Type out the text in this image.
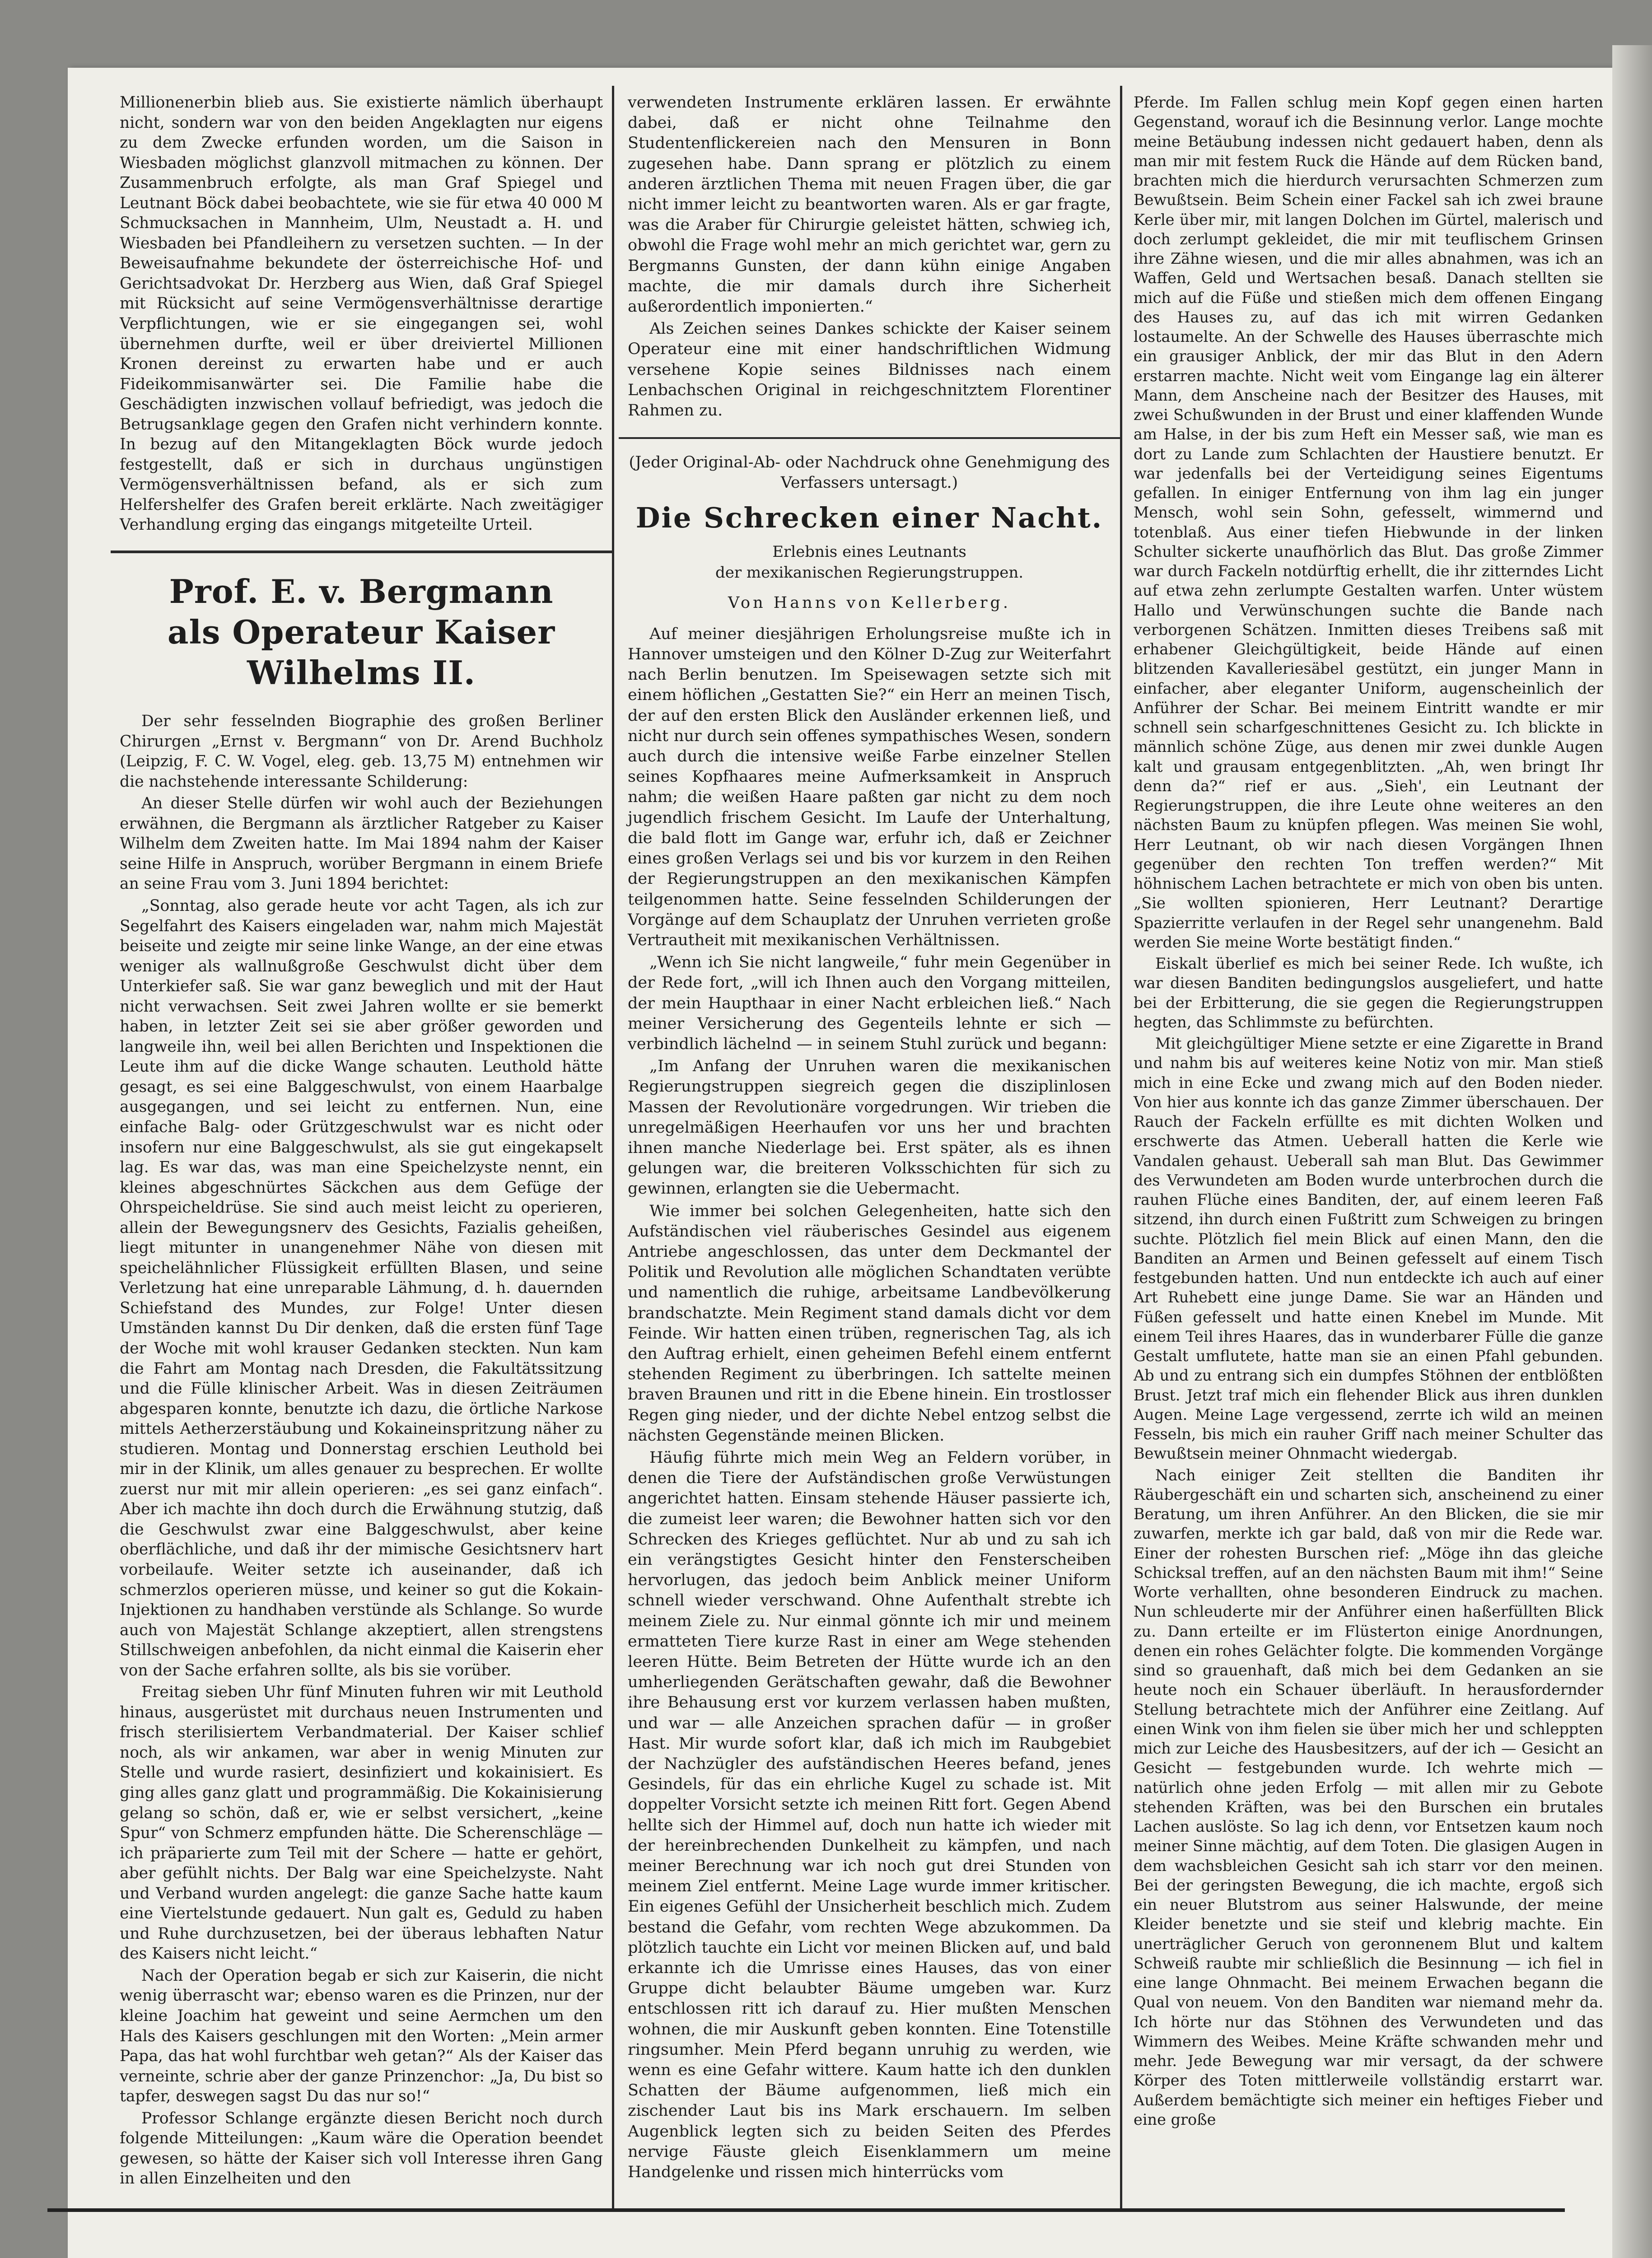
Millionenerbin blieb aus. Sie existierte nämlich überhaupt nicht, sondern war von den beiden Angeklagten nur eigens zu dem Zwecke erfunden worden, um die Saison in Wiesbaden möglichst glanzvoll mitmachen zu können. Der Zusammenbruch erfolgte, als man Graf Spiegel und Leutnant Böck dabei beobachtete, wie sie für etwa 40 000 M Schmucksachen in Mannheim, Ulm, Neustadt a. H. und Wiesbaden bei Pfandleihern zu versetzen suchten. — In der Beweisaufnahme bekundete der österreichische Hof- und Gerichtsadvokat Dr. Herzberg aus Wien, daß Graf Spiegel mit Rücksicht auf seine Vermögensverhältnisse derartige Verpflichtungen, wie er sie eingegangen sei, wohl übernehmen durfte, weil er über dreiviertel Millionen Kronen dereinst zu erwarten habe und er auch Fideikommisanwärter sei. Die Familie habe die Geschädigten inzwischen vollauf befriedigt, was jedoch die Betrugsanklage gegen den Grafen nicht verhindern konnte. In bezug auf den Mitangeklagten Böck wurde jedoch festgestellt, daß er sich in durchaus ungünstigen Vermögensverhältnissen befand, als er sich zum Helfershelfer des Grafen bereit erklärte. Nach zweitägiger Verhandlung erging das eingangs mitgeteilte Urteil.

Prof. E. v. Bergmann
als Operateur Kaiser Wilhelms II.

Der sehr fesselnden Biographie des großen Berliner Chirurgen „Ernst v. Bergmann“ von Dr. Arend Buchholz (Leipzig, F. C. W. Vogel, eleg. geb. 13,75 M) entnehmen wir die nachstehende interessante Schilderung:

An dieser Stelle dürfen wir wohl auch der Beziehungen erwähnen, die Bergmann als ärztlicher Ratgeber zu Kaiser Wilhelm dem Zweiten hatte. Im Mai 1894 nahm der Kaiser seine Hilfe in Anspruch, worüber Bergmann in einem Briefe an seine Frau vom 3. Juni 1894 berichtet:

„Sonntag, also gerade heute vor acht Tagen, als ich zur Segelfahrt des Kaisers eingeladen war, nahm mich Majestät beiseite und zeigte mir seine linke Wange, an der eine etwas weniger als wallnußgroße Geschwulst dicht über dem Unterkiefer saß. Sie war ganz beweglich und mit der Haut nicht verwachsen. Seit zwei Jahren wollte er sie bemerkt haben, in letzter Zeit sei sie aber größer geworden und langweile ihn, weil bei allen Berichten und Inspektionen die Leute ihm auf die dicke Wange schauten. Leuthold hätte gesagt, es sei eine Balggeschwulst, von einem Haarbalge ausgegangen, und sei leicht zu entfernen. Nun, eine einfache Balg- oder Grützgeschwulst war es nicht oder insofern nur eine Balggeschwulst, als sie gut eingekapselt lag. Es war das, was man eine Speichelzyste nennt, ein kleines abgeschnürtes Säckchen aus dem Gefüge der Ohrspeicheldrüse. Sie sind auch meist leicht zu operieren, allein der Bewegungsnerv des Gesichts, Fazialis geheißen, liegt mitunter in unangenehmer Nähe von diesen mit speichelähnlicher Flüssigkeit erfüllten Blasen, und seine Verletzung hat eine unreparable Lähmung, d. h. dauernden Schiefstand des Mundes, zur Folge! Unter diesen Umständen kannst Du Dir denken, daß die ersten fünf Tage der Woche mit wohl krauser Gedanken steckten. Nun kam die Fahrt am Montag nach Dresden, die Fakultätssitzung und die Fülle klinischer Arbeit. Was in diesen Zeiträumen abgesparen konnte, benutzte ich dazu, die örtliche Narkose mittels Aetherzerstäubung und Kokaineinspritzung näher zu studieren. Montag und Donnerstag erschien Leuthold bei mir in der Klinik, um alles genauer zu besprechen. Er wollte zuerst nur mit mir allein operieren: „es sei ganz einfach“. Aber ich machte ihn doch durch die Erwähnung stutzig, daß die Geschwulst zwar eine Balggeschwulst, aber keine oberflächliche, und daß ihr der mimische Gesichtsnerv hart vorbeilaufe. Weiter setzte ich auseinander, daß ich schmerzlos operieren müsse, und keiner so gut die Kokain-Injektionen zu handhaben verstünde als Schlange. So wurde auch von Majestät Schlange akzeptiert, allen strengstens Stillschweigen anbefohlen, da nicht einmal die Kaiserin eher von der Sache erfahren sollte, als bis sie vorüber.

Freitag sieben Uhr fünf Minuten fuhren wir mit Leuthold hinaus, ausgerüstet mit durchaus neuen Instrumenten und frisch sterilisiertem Verbandmaterial. Der Kaiser schlief noch, als wir ankamen, war aber in wenig Minuten zur Stelle und wurde rasiert, desinfiziert und kokainisiert. Es ging alles ganz glatt und programmäßig. Die Kokainisierung gelang so schön, daß er, wie er selbst versichert, „keine Spur“ von Schmerz empfunden hätte. Die Scherenschläge — ich präparierte zum Teil mit der Schere — hatte er gehört, aber gefühlt nichts. Der Balg war eine Speichelzyste. Naht und Verband wurden angelegt: die ganze Sache hatte kaum eine Viertelstunde gedauert. Nun galt es, Geduld zu haben und Ruhe durchzusetzen, bei der überaus lebhaften Natur des Kaisers nicht leicht.“

Nach der Operation begab er sich zur Kaiserin, die nicht wenig überrascht war; ebenso waren es die Prinzen, nur der kleine Joachim hat geweint und seine Aermchen um den Hals des Kaisers geschlungen mit den Worten: „Mein armer Papa, das hat wohl furchtbar weh getan?“ Als der Kaiser das verneinte, schrie aber der ganze Prinzenchor: „Ja, Du bist so tapfer, deswegen sagst Du das nur so!“

Professor Schlange ergänzte diesen Bericht noch durch folgende Mitteilungen: „Kaum wäre die Operation beendet gewesen, so hätte der Kaiser sich voll Interesse ihren Gang in allen Einzelheiten und den

verwendeten Instrumente erklären lassen. Er erwähnte dabei, daß er nicht ohne Teilnahme den Studentenflickereien nach den Mensuren in Bonn zugesehen habe. Dann sprang er plötzlich zu einem anderen ärztlichen Thema mit neuen Fragen über, die gar nicht immer leicht zu beantworten waren. Als er gar fragte, was die Araber für Chirurgie geleistet hätten, schwieg ich, obwohl die Frage wohl mehr an mich gerichtet war, gern zu Bergmanns Gunsten, der dann kühn einige Angaben machte, die mir damals durch ihre Sicherheit außerordentlich imponierten.“

Als Zeichen seines Dankes schickte der Kaiser seinem Operateur eine mit einer handschriftlichen Widmung versehene Kopie seines Bildnisses nach einem Lenbachschen Original in reichgeschnitztem Florentiner Rahmen zu.

(Jeder Original-Ab- oder Nachdruck ohne Genehmigung des Verfassers untersagt.)

Die Schrecken einer Nacht.
Erlebnis eines Leutnants
der mexikanischen Regierungstruppen.
Von Hanns von Kellerberg.

Auf meiner diesjährigen Erholungsreise mußte ich in Hannover umsteigen und den Kölner D-Zug zur Weiterfahrt nach Berlin benutzen. Im Speisewagen setzte sich mit einem höflichen „Gestatten Sie?“ ein Herr an meinen Tisch, der auf den ersten Blick den Ausländer erkennen ließ, und nicht nur durch sein offenes sympathisches Wesen, sondern auch durch die intensive weiße Farbe einzelner Stellen seines Kopfhaares meine Aufmerksamkeit in Anspruch nahm; die weißen Haare paßten gar nicht zu dem noch jugendlich frischem Gesicht. Im Laufe der Unterhaltung, die bald flott im Gange war, erfuhr ich, daß er Zeichner eines großen Verlags sei und bis vor kurzem in den Reihen der Regierungstruppen an den mexikanischen Kämpfen teilgenommen hatte. Seine fesselnden Schilderungen der Vorgänge auf dem Schauplatz der Unruhen verrieten große Vertrautheit mit mexikanischen Verhältnissen.

„Wenn ich Sie nicht langweile,“ fuhr mein Gegenüber in der Rede fort, „will ich Ihnen auch den Vorgang mitteilen, der mein Haupthaar in einer Nacht erbleichen ließ.“ Nach meiner Versicherung des Gegenteils lehnte er sich — verbindlich lächelnd — in seinem Stuhl zurück und begann:

„Im Anfang der Unruhen waren die mexikanischen Regierungstruppen siegreich gegen die disziplinlosen Massen der Revolutionäre vorgedrungen. Wir trieben die unregelmäßigen Heerhaufen vor uns her und brachten ihnen manche Niederlage bei. Erst später, als es ihnen gelungen war, die breiteren Volksschichten für sich zu gewinnen, erlangten sie die Uebermacht.

Wie immer bei solchen Gelegenheiten, hatte sich den Aufständischen viel räuberisches Gesindel aus eigenem Antriebe angeschlossen, das unter dem Deckmantel der Politik und Revolution alle möglichen Schandtaten verübte und namentlich die ruhige, arbeitsame Landbevölkerung brandschatzte. Mein Regiment stand damals dicht vor dem Feinde. Wir hatten einen trüben, regnerischen Tag, als ich den Auftrag erhielt, einen geheimen Befehl einem entfernt stehenden Regiment zu überbringen. Ich sattelte meinen braven Braunen und ritt in die Ebene hinein. Ein trostlosser Regen ging nieder, und der dichte Nebel entzog selbst die nächsten Gegenstände meinen Blicken.

Häufig führte mich mein Weg an Feldern vorüber, in denen die Tiere der Aufständischen große Verwüstungen angerichtet hatten. Einsam stehende Häuser passierte ich, die zumeist leer waren; die Bewohner hatten sich vor den Schrecken des Krieges geflüchtet. Nur ab und zu sah ich ein verängstigtes Gesicht hinter den Fensterscheiben hervorlugen, das jedoch beim Anblick meiner Uniform schnell wieder verschwand. Ohne Aufenthalt strebte ich meinem Ziele zu. Nur einmal gönnte ich mir und meinem ermatteten Tiere kurze Rast in einer am Wege stehenden leeren Hütte. Beim Betreten der Hütte wurde ich an den umherliegenden Gerätschaften gewahr, daß die Bewohner ihre Behausung erst vor kurzem verlassen haben mußten, und war — alle Anzeichen sprachen dafür — in großer Hast. Mir wurde sofort klar, daß ich mich im Raubgebiet der Nachzügler des aufständischen Heeres befand, jenes Gesindels, für das ein ehrliche Kugel zu schade ist. Mit doppelter Vorsicht setzte ich meinen Ritt fort. Gegen Abend hellte sich der Himmel auf, doch nun hatte ich wieder mit der hereinbrechenden Dunkelheit zu kämpfen, und nach meiner Berechnung war ich noch gut drei Stunden von meinem Ziel entfernt. Meine Lage wurde immer kritischer. Ein eigenes Gefühl der Unsicherheit beschlich mich. Zudem bestand die Gefahr, vom rechten Wege abzukommen. Da plötzlich tauchte ein Licht vor meinen Blicken auf, und bald erkannte ich die Umrisse eines Hauses, das von einer Gruppe dicht belaubter Bäume umgeben war. Kurz entschlossen ritt ich darauf zu. Hier mußten Menschen wohnen, die mir Auskunft geben konnten. Eine Totenstille ringsumher. Mein Pferd begann unruhig zu werden, wie wenn es eine Gefahr wittere. Kaum hatte ich den dunklen Schatten der Bäume aufgenommen, ließ mich ein zischender Laut bis ins Mark erschauern. Im selben Augenblick legten sich zu beiden Seiten des Pferdes nervige Fäuste gleich Eisenklammern um meine Handgelenke und rissen mich hinterrücks vom

Pferde. Im Fallen schlug mein Kopf gegen einen harten Gegenstand, worauf ich die Besinnung verlor. Lange mochte meine Betäubung indessen nicht gedauert haben, denn als man mir mit festem Ruck die Hände auf dem Rücken band, brachten mich die hierdurch verursachten Schmerzen zum Bewußtsein. Beim Schein einer Fackel sah ich zwei braune Kerle über mir, mit langen Dolchen im Gürtel, malerisch und doch zerlumpt gekleidet, die mir mit teuflischem Grinsen ihre Zähne wiesen, und die mir alles abnahmen, was ich an Waffen, Geld und Wertsachen besaß. Danach stellten sie mich auf die Füße und stießen mich dem offenen Eingang des Hauses zu, auf das ich mit wirren Gedanken lostaumelte. An der Schwelle des Hauses überraschte mich ein grausiger Anblick, der mir das Blut in den Adern erstarren machte. Nicht weit vom Eingange lag ein älterer Mann, dem Anscheine nach der Besitzer des Hauses, mit zwei Schußwunden in der Brust und einer klaffenden Wunde am Halse, in der bis zum Heft ein Messer saß, wie man es dort zu Lande zum Schlachten der Haustiere benutzt. Er war jedenfalls bei der Verteidigung seines Eigentums gefallen. In einiger Entfernung von ihm lag ein junger Mensch, wohl sein Sohn, gefesselt, wimmernd und totenblaß. Aus einer tiefen Hiebwunde in der linken Schulter sickerte unaufhörlich das Blut. Das große Zimmer war durch Fackeln notdürftig erhellt, die ihr zitterndes Licht auf etwa zehn zerlumpte Gestalten warfen. Unter wüstem Hallo und Verwünschungen suchte die Bande nach verborgenen Schätzen. Inmitten dieses Treibens saß mit erhabener Gleichgültigkeit, beide Hände auf einen blitzenden Kavalleriesäbel gestützt, ein junger Mann in einfacher, aber eleganter Uniform, augenscheinlich der Anführer der Schar. Bei meinem Eintritt wandte er mir schnell sein scharfgeschnittenes Gesicht zu. Ich blickte in männlich schöne Züge, aus denen mir zwei dunkle Augen kalt und grausam entgegenblitzten. „Ah, wen bringt Ihr denn da?“ rief er aus. „Sieh', ein Leutnant der Regierungstruppen, die ihre Leute ohne weiteres an den nächsten Baum zu knüpfen pflegen. Was meinen Sie wohl, Herr Leutnant, ob wir nach diesen Vorgängen Ihnen gegenüber den rechten Ton treffen werden?“ Mit höhnischem Lachen betrachtete er mich von oben bis unten. „Sie wollten spionieren, Herr Leutnant? Derartige Spazierritte verlaufen in der Regel sehr unangenehm. Bald werden Sie meine Worte bestätigt finden.“

Eiskalt überlief es mich bei seiner Rede. Ich wußte, ich war diesen Banditen bedingungslos ausgeliefert, und hatte bei der Erbitterung, die sie gegen die Regierungstruppen hegten, das Schlimmste zu befürchten.

Mit gleichgültiger Miene setzte er eine Zigarette in Brand und nahm bis auf weiteres keine Notiz von mir. Man stieß mich in eine Ecke und zwang mich auf den Boden nieder. Von hier aus konnte ich das ganze Zimmer überschauen. Der Rauch der Fackeln erfüllte es mit dichten Wolken und erschwerte das Atmen. Ueberall hatten die Kerle wie Vandalen gehaust. Ueberall sah man Blut. Das Gewimmer des Verwundeten am Boden wurde unterbrochen durch die rauhen Flüche eines Banditen, der, auf einem leeren Faß sitzend, ihn durch einen Fußtritt zum Schweigen zu bringen suchte. Plötzlich fiel mein Blick auf einen Mann, den die Banditen an Armen und Beinen gefesselt auf einem Tisch festgebunden hatten. Und nun entdeckte ich auch auf einer Art Ruhebett eine junge Dame. Sie war an Händen und Füßen gefesselt und hatte einen Knebel im Munde. Mit einem Teil ihres Haares, das in wunderbarer Fülle die ganze Gestalt umflutete, hatte man sie an einen Pfahl gebunden. Ab und zu entrang sich ein dumpfes Stöhnen der entblößten Brust. Jetzt traf mich ein flehender Blick aus ihren dunklen Augen. Meine Lage vergessend, zerrte ich wild an meinen Fesseln, bis mich ein rauher Griff nach meiner Schulter das Bewußtsein meiner Ohnmacht wiedergab.

Nach einiger Zeit stellten die Banditen ihr Räubergeschäft ein und scharten sich, anscheinend zu einer Beratung, um ihren Anführer. An den Blicken, die sie mir zuwarfen, merkte ich gar bald, daß von mir die Rede war. Einer der rohesten Burschen rief: „Möge ihn das gleiche Schicksal treffen, auf an den nächsten Baum mit ihm!“ Seine Worte verhallten, ohne besonderen Eindruck zu machen. Nun schleuderte mir der Anführer einen haßerfüllten Blick zu. Dann erteilte er im Flüsterton einige Anordnungen, denen ein rohes Gelächter folgte. Die kommenden Vorgänge sind so grauenhaft, daß mich bei dem Gedanken an sie heute noch ein Schauer überläuft. In herausfordernder Stellung betrachtete mich der Anführer eine Zeitlang. Auf einen Wink von ihm fielen sie über mich her und schleppten mich zur Leiche des Hausbesitzers, auf der ich — Gesicht an Gesicht — festgebunden wurde. Ich wehrte mich — natürlich ohne jeden Erfolg — mit allen mir zu Gebote stehenden Kräften, was bei den Burschen ein brutales Lachen auslöste. So lag ich denn, vor Entsetzen kaum noch meiner Sinne mächtig, auf dem Toten. Die glasigen Augen in dem wachsbleichen Gesicht sah ich starr vor den meinen. Bei der geringsten Bewegung, die ich machte, ergoß sich ein neuer Blutstrom aus seiner Halswunde, der meine Kleider benetzte und sie steif und klebrig machte. Ein unerträglicher Geruch von geronnenem Blut und kaltem Schweiß raubte mir schließlich die Besinnung — ich fiel in eine lange Ohnmacht. Bei meinem Erwachen begann die Qual von neuem. Von den Banditen war niemand mehr da. Ich hörte nur das Stöhnen des Verwundeten und das Wimmern des Weibes. Meine Kräfte schwanden mehr und mehr. Jede Bewegung war mir versagt, da der schwere Körper des Toten mittlerweile vollständig erstarrt war. Außerdem bemächtigte sich meiner ein heftiges Fieber und eine große
